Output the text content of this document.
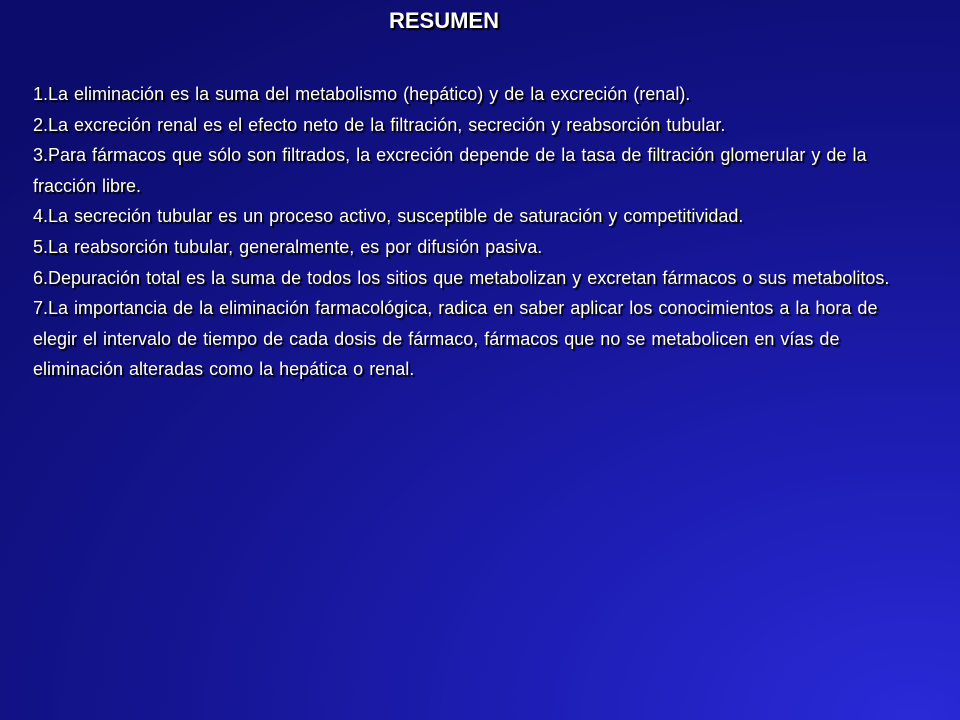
RESUMEN
1.La eliminación es la suma del metabolismo (hepático) y de la excreción (renal).
2.La excreción renal es el efecto neto de la filtración, secreción y reabsorción tubular.
3.Para fármacos que sólo son filtrados, la excreción depende de la tasa de filtración glomerular y de la fracción libre.
4.La secreción tubular es un proceso activo, susceptible de saturación y competitividad.
5.La reabsorción tubular, generalmente, es por difusión pasiva.
6.Depuración total es la suma de todos los sitios que metabolizan y excretan fármacos o sus metabolitos.
7.La importancia de la eliminación farmacológica, radica en saber aplicar los conocimientos a la hora de elegir el intervalo de tiempo de cada dosis de fármaco, fármacos que no se metabolicen en vías de eliminación alteradas como la hepática o renal.
